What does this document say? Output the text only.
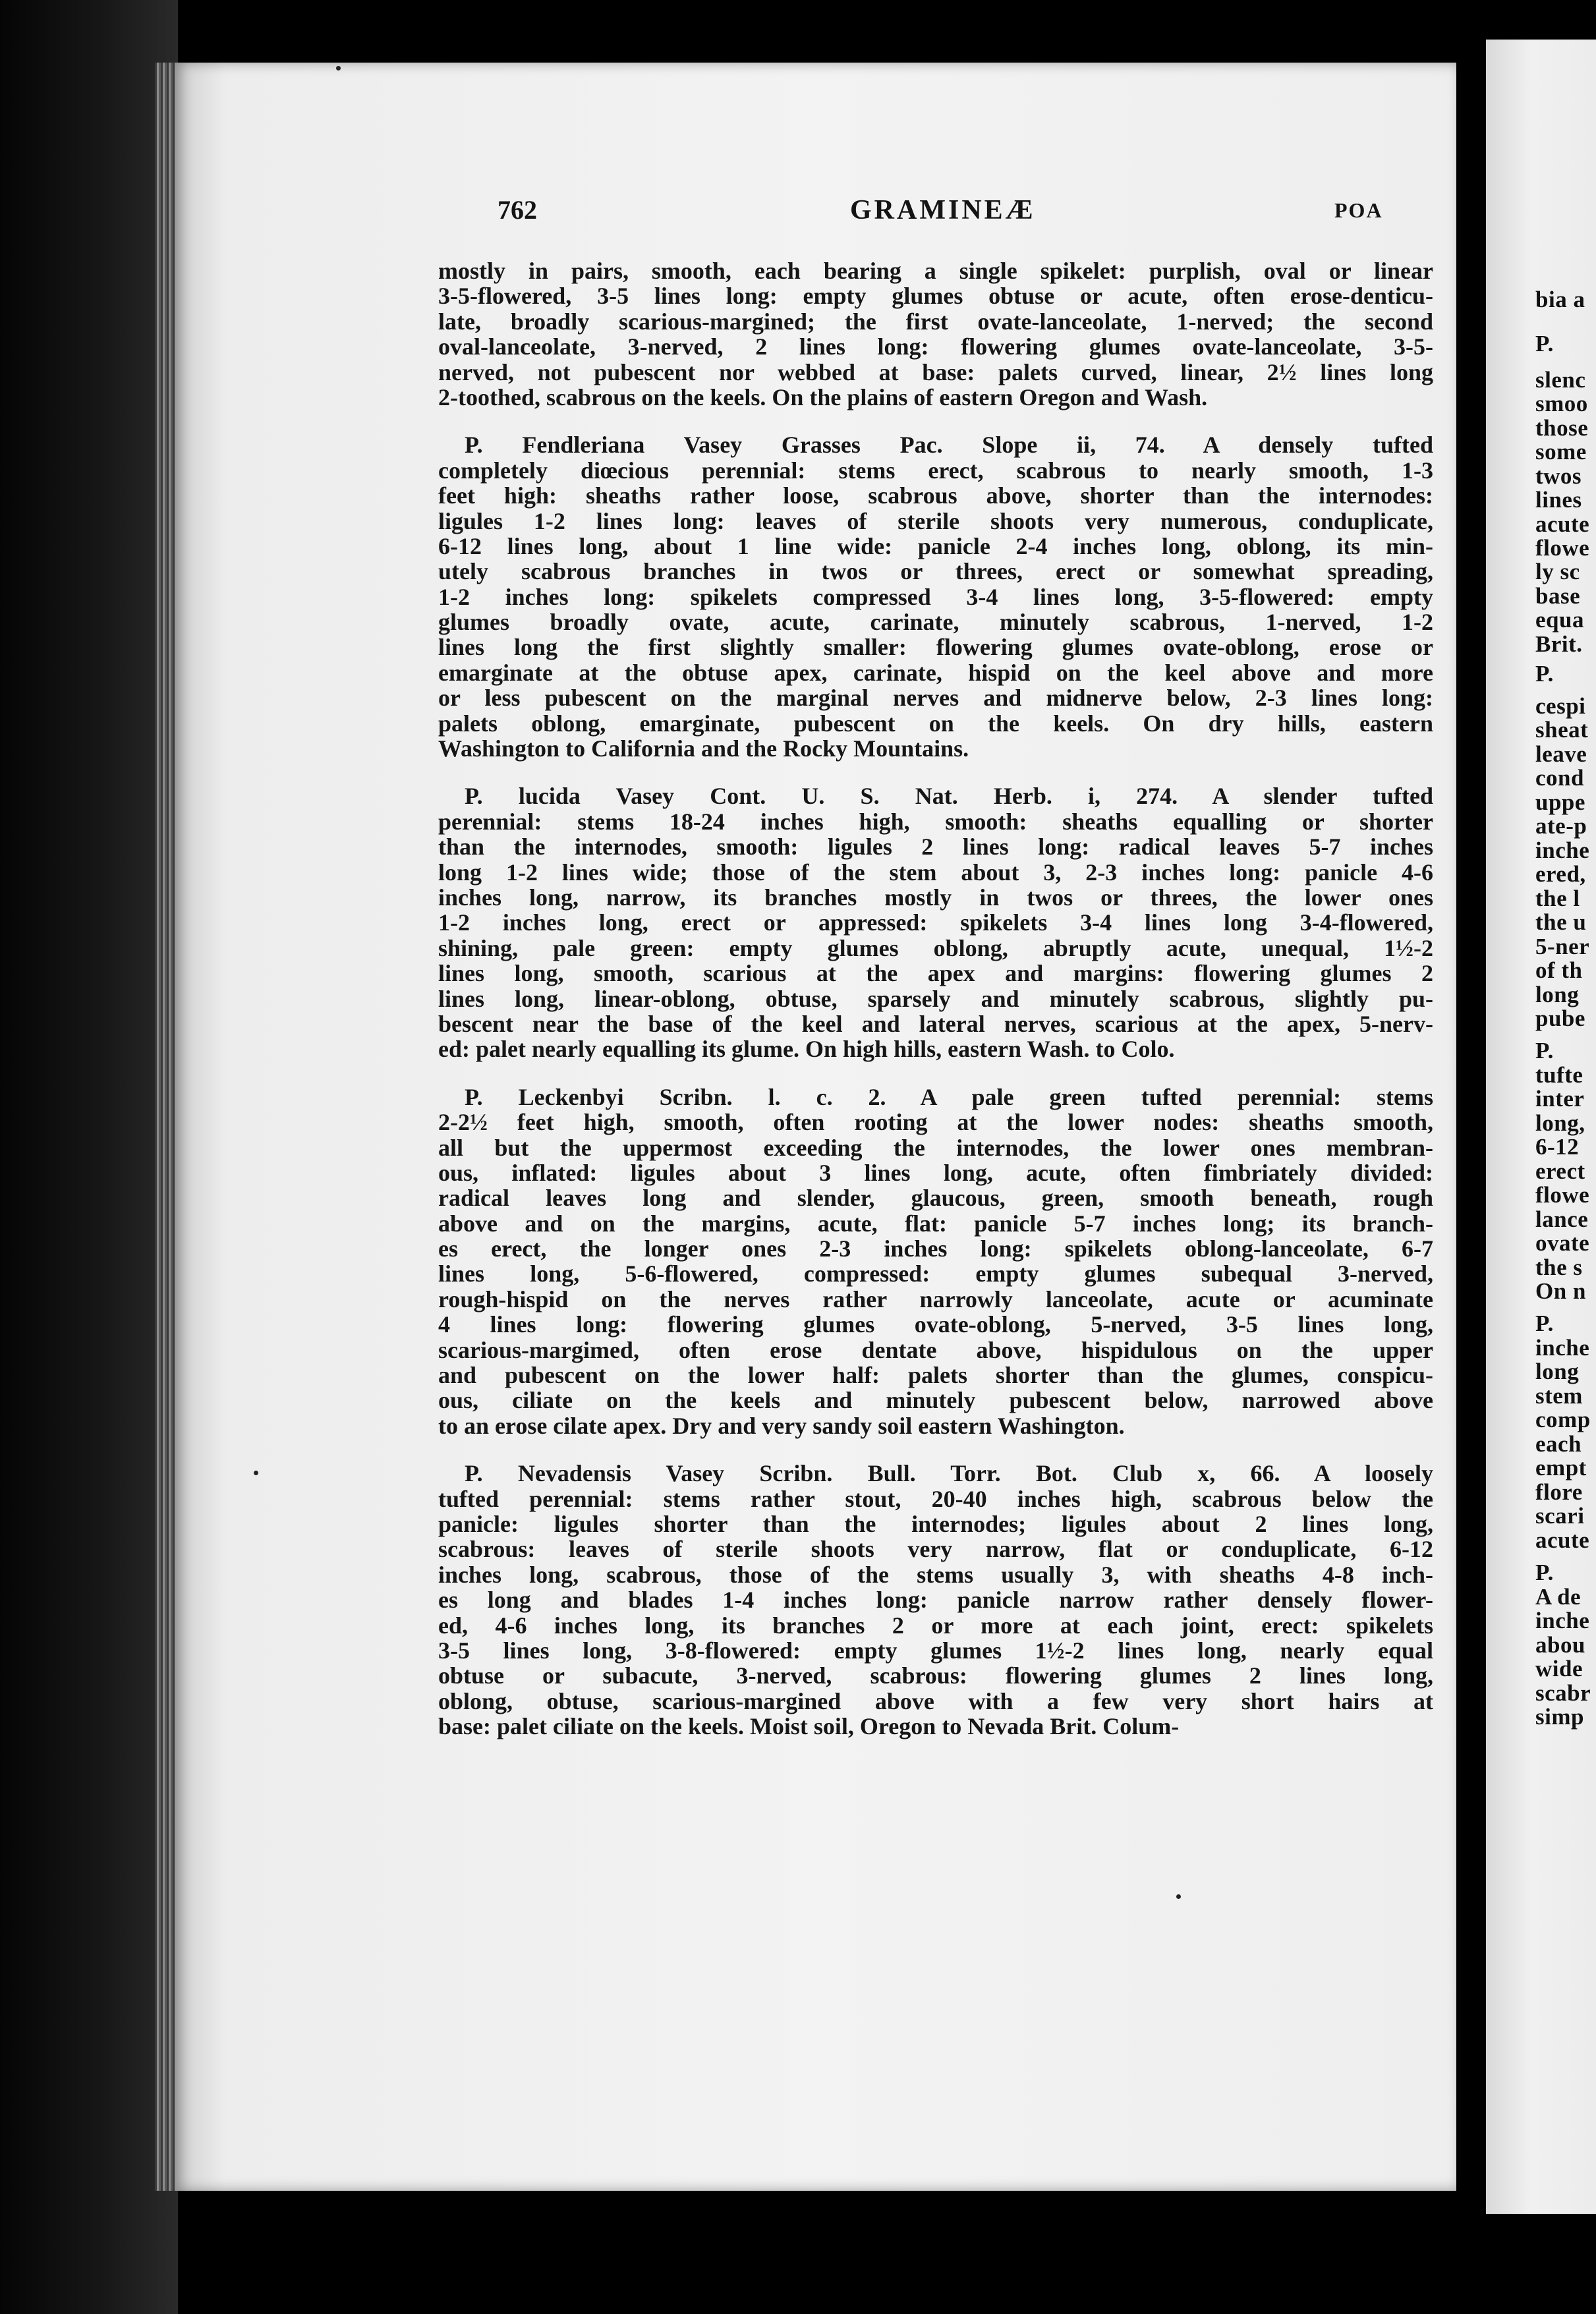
bia a
P.
slenc
smoo
those
some
twos
lines
acute
flowe
ly sc
base
equa
Brit.
P.
cespi
sheat
leave
cond
uppe
ate-p
inche
ered,
the l
the u
5-ner
of th
long
pube
P.
tufte
inter
long,
6-12
erect
flowe
lance
ovate
the s
On n
P.
inche
long
stem
comp
each
empt
flore
scari
acute
P.
A de
inche
abou
wide
scabr
simp
762	GRAMINEÆ	POA
mostly in pairs, smooth, each bearing a single spikelet: purplish, oval or linear
3-5-flowered, 3-5 lines long: empty glumes obtuse or acute, often erose-denticu-
late, broadly scarious-margined; the first ovate-lanceolate, 1-nerved; the second
oval-lanceolate, 3-nerved, 2 lines long: flowering glumes ovate-lanceolate, 3-5-
nerved, not pubescent nor webbed at base: palets curved, linear, 2½ lines long
2-toothed, scabrous on the keels. On the plains of eastern Oregon and Wash.
P. Fendleriana Vasey Grasses Pac. Slope ii, 74. A densely tufted
completely diœcious perennial: stems erect, scabrous to nearly smooth, 1-3
feet high: sheaths rather loose, scabrous above, shorter than the internodes:
ligules 1-2 lines long: leaves of sterile shoots very numerous, conduplicate,
6-12 lines long, about 1 line wide: panicle 2-4 inches long, oblong, its min-
utely scabrous branches in twos or threes, erect or somewhat spreading,
1-2 inches long: spikelets compressed 3-4 lines long, 3-5-flowered: empty
glumes broadly ovate, acute, carinate, minutely scabrous, 1-nerved, 1-2
lines long the first slightly smaller: flowering glumes ovate-oblong, erose or
emarginate at the obtuse apex, carinate, hispid on the keel above and more
or less pubescent on the marginal nerves and midnerve below, 2-3 lines long:
palets oblong, emarginate, pubescent on the keels. On dry hills, eastern
Washington to California and the Rocky Mountains.
P. lucida Vasey Cont. U. S. Nat. Herb. i, 274. A slender tufted
perennial: stems 18-24 inches high, smooth: sheaths equalling or shorter
than the internodes, smooth: ligules 2 lines long: radical leaves 5-7 inches
long 1-2 lines wide; those of the stem about 3, 2-3 inches long: panicle 4-6
inches long, narrow, its branches mostly in twos or threes, the lower ones
1-2 inches long, erect or appressed: spikelets 3-4 lines long 3-4-flowered,
shining, pale green: empty glumes oblong, abruptly acute, unequal, 1½-2
lines long, smooth, scarious at the apex and margins: flowering glumes 2
lines long, linear-oblong, obtuse, sparsely and minutely scabrous, slightly pu-
bescent near the base of the keel and lateral nerves, scarious at the apex, 5-nerv-
ed: palet nearly equalling its glume. On high hills, eastern Wash. to Colo.
P. Leckenbyi Scribn. l. c. 2. A pale green tufted perennial: stems
2-2½ feet high, smooth, often rooting at the lower nodes: sheaths smooth,
all but the uppermost exceeding the internodes, the lower ones membran-
ous, inflated: ligules about 3 lines long, acute, often fimbriately divided:
radical leaves long and slender, glaucous, green, smooth beneath, rough
above and on the margins, acute, flat: panicle 5-7 inches long; its branch-
es erect, the longer ones 2-3 inches long: spikelets oblong-lanceolate, 6-7
lines long, 5-6-flowered, compressed: empty glumes subequal 3-nerved,
rough-hispid on the nerves rather narrowly lanceolate, acute or acuminate
4 lines long: flowering glumes ovate-oblong, 5-nerved, 3-5 lines long,
scarious-margimed, often erose dentate above, hispidulous on the upper
and pubescent on the lower half: palets shorter than the glumes, conspicu-
ous, ciliate on the keels and minutely pubescent below, narrowed above
to an erose cilate apex. Dry and very sandy soil eastern Washington.
P. Nevadensis Vasey Scribn. Bull. Torr. Bot. Club x, 66. A loosely
tufted perennial: stems rather stout, 20-40 inches high, scabrous below the
panicle: ligules shorter than the internodes; ligules about 2 lines long,
scabrous: leaves of sterile shoots very narrow, flat or conduplicate, 6-12
inches long, scabrous, those of the stems usually 3, with sheaths 4-8 inch-
es long and blades 1-4 inches long: panicle narrow rather densely flower-
ed, 4-6 inches long, its branches 2 or more at each joint, erect: spikelets
3-5 lines long, 3-8-flowered: empty glumes 1½-2 lines long, nearly equal
obtuse or subacute, 3-nerved, scabrous: flowering glumes 2 lines long,
oblong, obtuse, scarious-margined above with a few very short hairs at
base: palet ciliate on the keels. Moist soil, Oregon to Nevada Brit. Colum-
